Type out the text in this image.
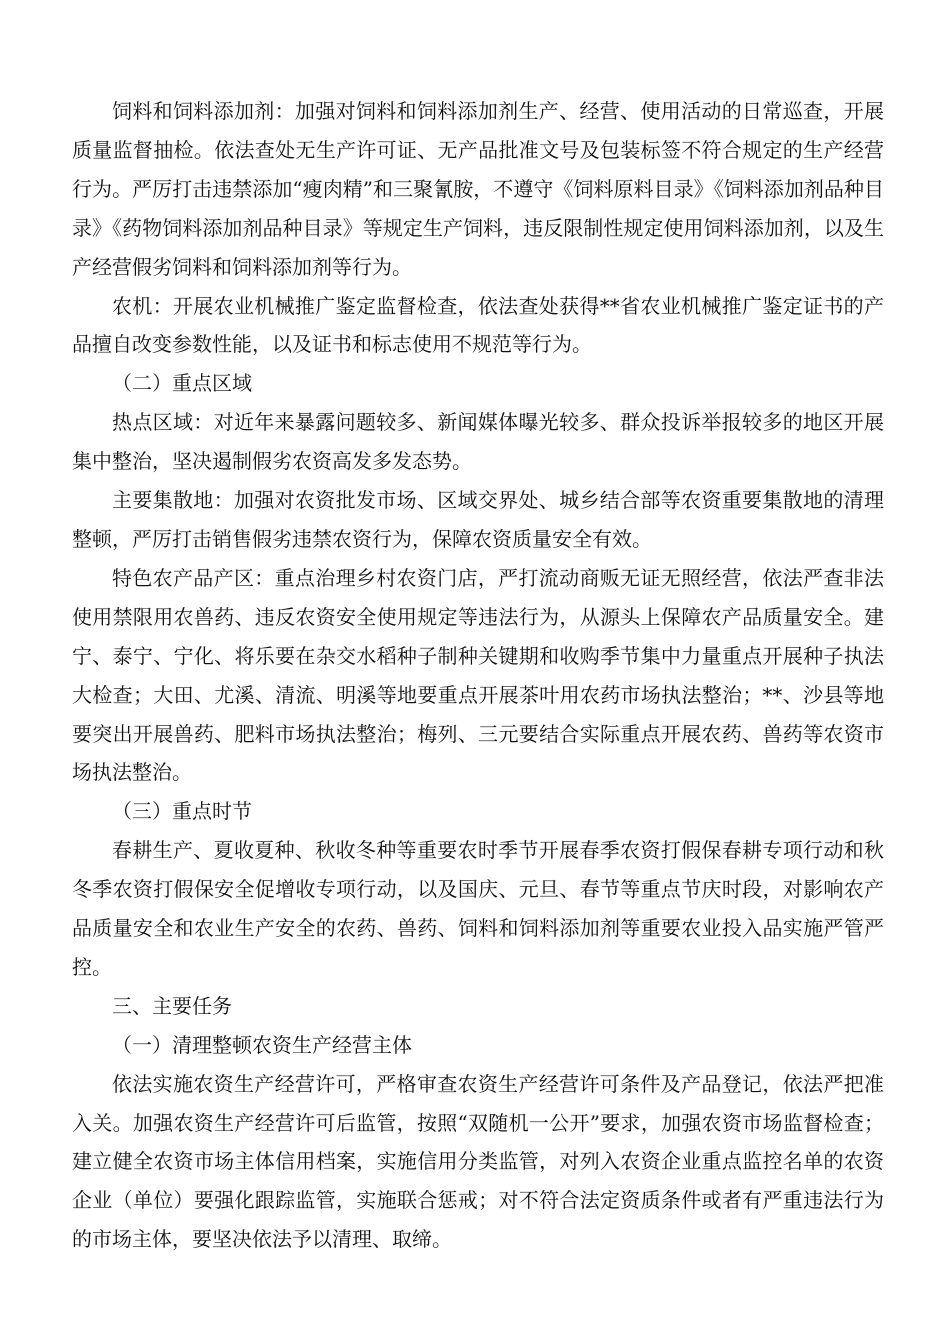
饲料和饲料添加剂：加强对饲料和饲料添加剂生产、经营、使用活动的日常巡查，开展质量监督抽检。依法查处无生产许可证、无产品批准文号及包装标签不符合规定的生产经营行为。严厉打击违禁添加“瘦肉精”和三聚氰胺，不遵守《饲料原料目录》《饲料添加剂品种目录》《药物饲料添加剂品种目录》等规定生产饲料，违反限制性规定使用饲料添加剂，以及生产经营假劣饲料和饲料添加剂等行为。

农机：开展农业机械推广鉴定监督检查，依法查处获得**省农业机械推广鉴定证书的产品擅自改变参数性能，以及证书和标志使用不规范等行为。

（二）重点区域

热点区域：对近年来暴露问题较多、新闻媒体曝光较多、群众投诉举报较多的地区开展集中整治，坚决遏制假劣农资高发多发态势。

主要集散地：加强对农资批发市场、区域交界处、城乡结合部等农资重要集散地的清理整顿，严厉打击销售假劣违禁农资行为，保障农资质量安全有效。

特色农产品产区：重点治理乡村农资门店，严打流动商贩无证无照经营，依法严查非法使用禁限用农兽药、违反农资安全使用规定等违法行为，从源头上保障农产品质量安全。建宁、泰宁、宁化、将乐要在杂交水稻种子制种关键期和收购季节集中力量重点开展种子执法大检查；大田、尤溪、清流、明溪等地要重点开展茶叶用农药市场执法整治；**、沙县等地要突出开展兽药、肥料市场执法整治；梅列、三元要结合实际重点开展农药、兽药等农资市场执法整治。

（三）重点时节

春耕生产、夏收夏种、秋收冬种等重要农时季节开展春季农资打假保春耕专项行动和秋冬季农资打假保安全促增收专项行动，以及国庆、元旦、春节等重点节庆时段，对影响农产品质量安全和农业生产安全的农药、兽药、饲料和饲料添加剂等重要农业投入品实施严管严控。

三、主要任务

（一）清理整顿农资生产经营主体

依法实施农资生产经营许可，严格审查农资生产经营许可条件及产品登记，依法严把准入关。加强农资生产经营许可后监管，按照“双随机一公开”要求，加强农资市场监督检查；建立健全农资市场主体信用档案，实施信用分类监管，对列入农资企业重点监控名单的农资企业（单位）要强化跟踪监管，实施联合惩戒；对不符合法定资质条件或者有严重违法行为的市场主体，要坚决依法予以清理、取缔。
